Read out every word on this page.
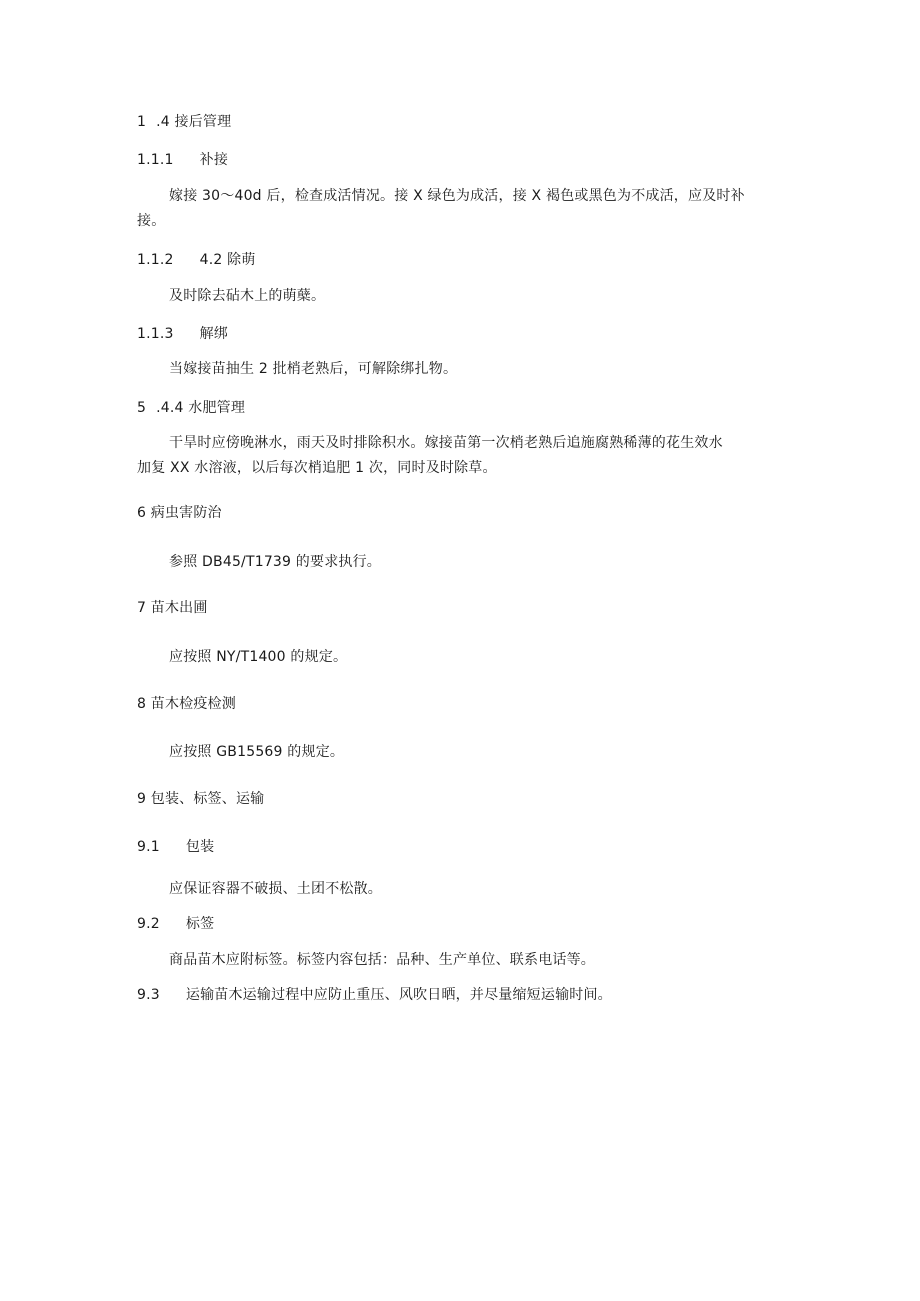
1 .4 接后管理
1.1.1 补接
嫁接 30～40d 后，检查成活情况。接 X 绿色为成活，接 X 褐色或黑色为不成活，应及时补
接。
1.1.2 4.2 除萌
及时除去砧木上的萌蘖。
1.1.3 解绑
当嫁接苗抽生 2 批梢老熟后，可解除绑扎物。
5 .4.4 水肥管理
干旱时应傍晚淋水，雨天及时排除积水。嫁接苗第一次梢老熟后追施腐熟稀薄的花生效水
加复 XX 水溶液，以后每次梢追肥 1 次，同时及时除草。
6 病虫害防治
参照 DB45/T1739 的要求执行。
7 苗木出圃
应按照 NY/T1400 的规定。
8 苗木检疫检测
应按照 GB15569 的规定。
9 包装、标签、运输
9.1 包装
应保证容器不破损、土团不松散。
9.2 标签
商品苗木应附标签。标签内容包括：品种、生产单位、联系电话等。
9.3 运输苗木运输过程中应防止重压、风吹日晒，并尽量缩短运输时间。
